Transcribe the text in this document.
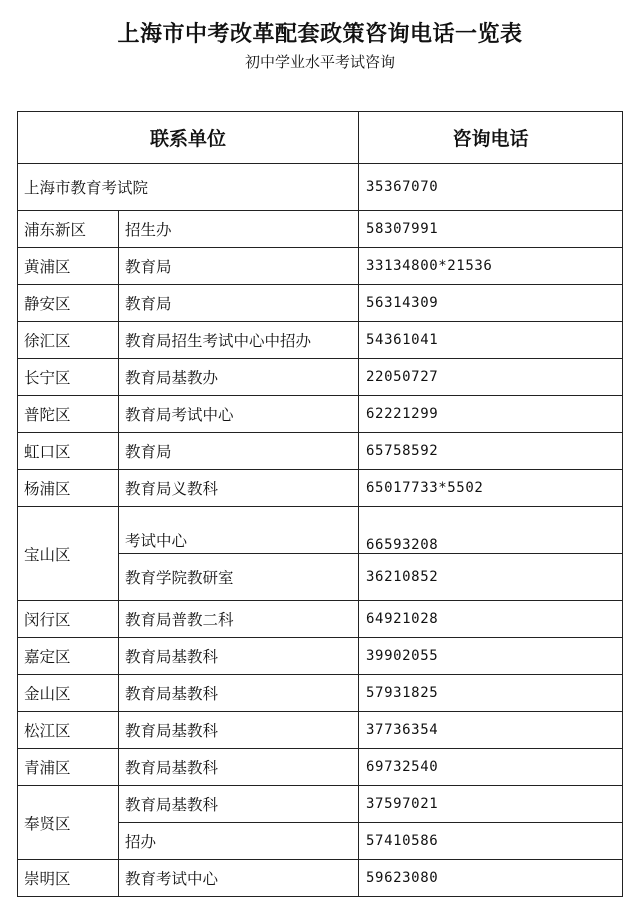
上海市中考改革配套政策咨询电话一览表
初中学业水平考试咨询
联系单位		咨询电话
上海市教育考试院		35367070
浦东新区	招生办	58307991
黄浦区	教育局	33134800*21536
静安区	教育局	56314309
徐汇区	教育局招生考试中心中招办	54361041
长宁区	教育局基教办	22050727
普陀区	教育局考试中心	62221299
虹口区	教育局	65758592
杨浦区	教育局义教科	65017733*5502
宝山区	考试中心	66593208
	教育学院教研室	36210852
闵行区	教育局普教二科	64921028
嘉定区	教育局基教科	39902055
金山区	教育局基教科	57931825
松江区	教育局基教科	37736354
青浦区	教育局基教科	69732540
奉贤区	教育局基教科	37597021
	招办	57410586
崇明区	教育考试中心	59623080
